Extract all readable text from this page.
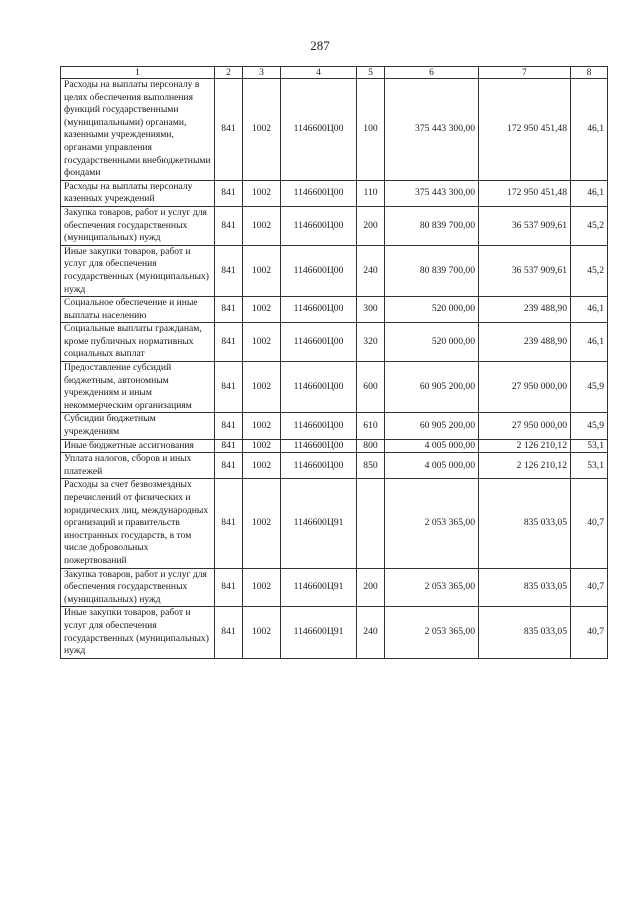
287
1	2	3	4	5	6	7	8
Расходы на выплаты персоналу в целях обеспечения выполнения функций государственными (муниципальными) органами, казенными учреждениями, органами управления государственными внебюджетными фондами	841	1002	1146600Ц00	100	375 443 300,00	172 950 451,48	46,1
Расходы на выплаты персоналу казенных учреждений	841	1002	1146600Ц00	110	375 443 300,00	172 950 451,48	46,1
Закупка товаров, работ и услуг для обеспечения государственных (муниципальных) нужд	841	1002	1146600Ц00	200	80 839 700,00	36 537 909,61	45,2
Иные закупки товаров, работ и услуг для обеспечения государственных (муниципальных) нужд	841	1002	1146600Ц00	240	80 839 700,00	36 537 909,61	45,2
Социальное обеспечение и иные выплаты населению	841	1002	1146600Ц00	300	520 000,00	239 488,90	46,1
Социальные выплаты гражданам, кроме публичных нормативных социальных выплат	841	1002	1146600Ц00	320	520 000,00	239 488,90	46,1
Предоставление субсидий бюджетным, автономным учреждениям и иным некоммерческим организациям	841	1002	1146600Ц00	600	60 905 200,00	27 950 000,00	45,9
Субсидии бюджетным учреждениям	841	1002	1146600Ц00	610	60 905 200,00	27 950 000,00	45,9
Иные бюджетные ассигнования	841	1002	1146600Ц00	800	4 005 000,00	2 126 210,12	53,1
Уплата налогов, сборов и иных платежей	841	1002	1146600Ц00	850	4 005 000,00	2 126 210,12	53,1
Расходы за счет безвозмездных перечислений от физических и юридических лиц, международных организаций и правительств иностранных государств, в том числе добровольных пожертвований	841	1002	1146600Ц91		2 053 365,00	835 033,05	40,7
Закупка товаров, работ и услуг для обеспечения государственных (муниципальных) нужд	841	1002	1146600Ц91	200	2 053 365,00	835 033,05	40,7
Иные закупки товаров, работ и услуг для обеспечения государственных (муниципальных) нужд	841	1002	1146600Ц91	240	2 053 365,00	835 033,05	40,7
